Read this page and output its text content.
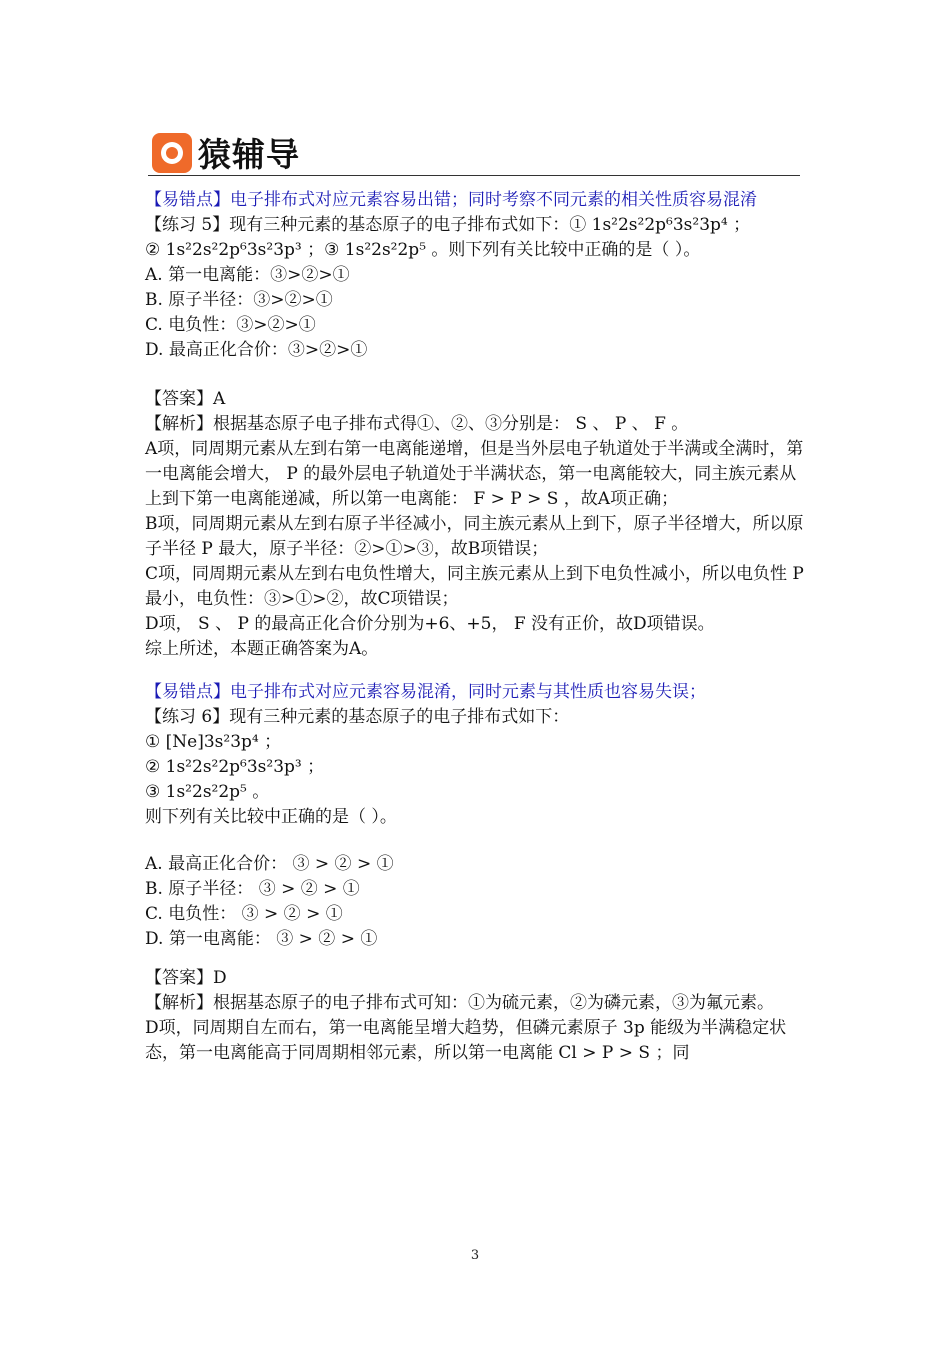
猿辅导

【易错点】电子排布式对应元素容易出错；同时考察不同元素的相关性质容易混淆

【练习 5】现有三种元素的基态原子的电子排布式如下：① 1s²2s²2p⁶3s²3p⁴ ；

② 1s²2s²2p⁶3s²3p³ ；③ 1s²2s²2p⁵ 。则下列有关比较中正确的是（ ）。

A. 第一电离能：③>②>①

B. 原子半径：③>②>①

C. 电负性：③>②>①

D. 最高正化合价：③>②>①

【答案】A

【解析】根据基态原子电子排布式得①、②、③分别是： S 、 P 、 F 。

A项，同周期元素从左到右第一电离能递增，但是当外层电子轨道处于半满或全满时，第一电离能会增大， P 的最外层电子轨道处于半满状态，第一电离能较大，同主族元素从上到下第一电离能递减，所以第一电离能： F > P > S ，故A项正确；

B项，同周期元素从左到右原子半径减小，同主族元素从上到下，原子半径增大，所以原子半径 P 最大，原子半径：②>①>③，故B项错误；

C项，同周期元素从左到右电负性增大，同主族元素从上到下电负性减小，所以电负性 P 最小，电负性：③>①>②，故C项错误；

D项， S 、 P 的最高正化合价分别为+6、+5， F 没有正价，故D项错误。

综上所述，本题正确答案为A。

【易错点】电子排布式对应元素容易混淆，同时元素与其性质也容易失误；

【练习 6】现有三种元素的基态原子的电子排布式如下：

① [Ne]3s²3p⁴ ；

② 1s²2s²2p⁶3s²3p³ ；

③ 1s²2s²2p⁵ 。

则下列有关比较中正确的是（ ）。

A. 最高正化合价： ③ > ② > ①

B. 原子半径： ③ > ② > ①

C. 电负性： ③ > ② > ①

D. 第一电离能： ③ > ② > ①

【答案】D

【解析】根据基态原子的电子排布式可知：①为硫元素，②为磷元素，③为氟元素。

D项，同周期自左而右，第一电离能呈增大趋势，但磷元素原子 3p 能级为半满稳定状态，第一电离能高于同周期相邻元素，所以第一电离能 Cl > P > S ；同

3
